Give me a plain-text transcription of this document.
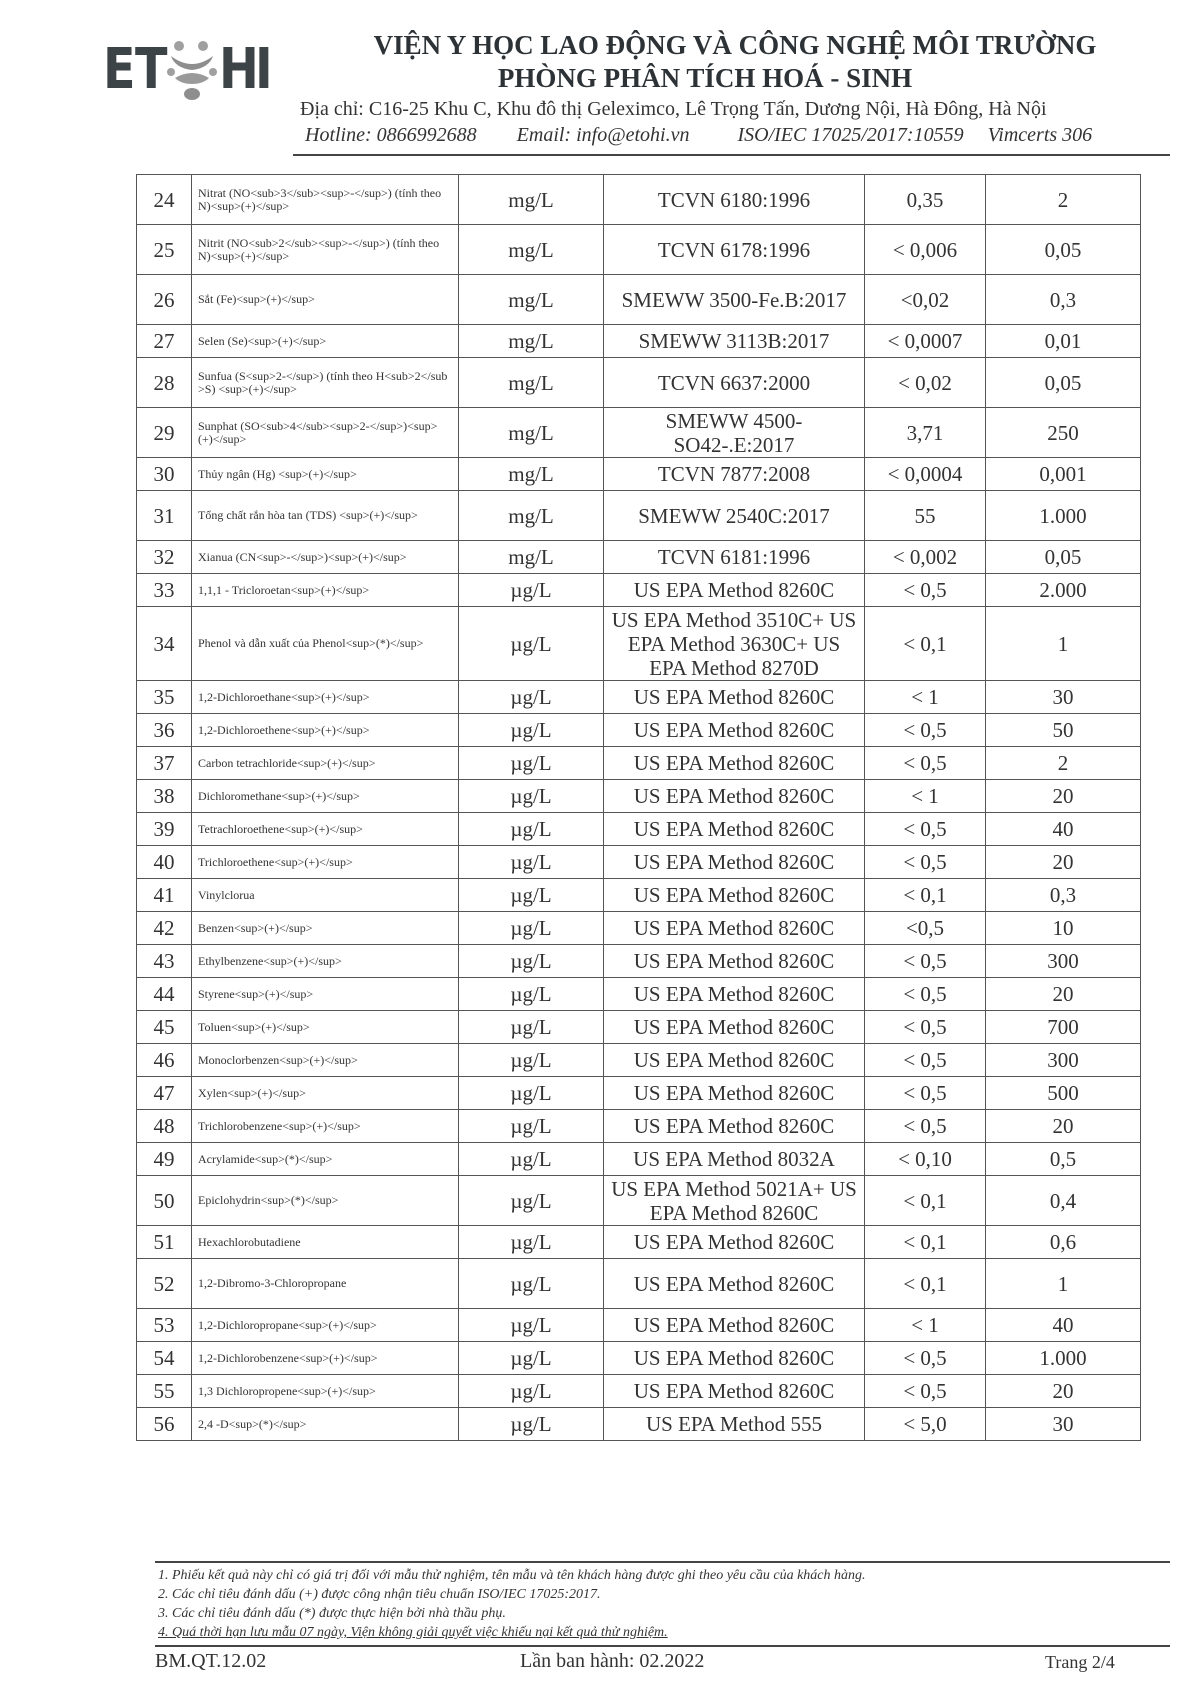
E T H
I	VIỆN Y HỌC LAO ĐỘNG VÀ CÔNG NGHỆ MÔI TRƯỜNG
PHÒNG PHÂN TÍCH HOÁ - SINH
Địa chỉ: C16-25 Khu C, Khu đô thị Geleximco, Lê Trọng Tấn, Dương Nội, Hà Đông, Hà Nội
Hotline: 0866992688 Email: info@etohi.vn ISO/IEC 17025/2017:10559 Vimcerts 306
24	Nitrat (NO<sub>3</sub><sup>-</sup>) (tính theo N)<sup>(+)</sup>	mg/L	TCVN 6180:1996	0,35	2
25	Nitrit (NO<sub>2</sub><sup>-</sup>) (tính theo N)<sup>(+)</sup>	mg/L	TCVN 6178:1996	< 0,006	0,05
26	Sắt (Fe)<sup>(+)</sup>	mg/L	SMEWW 3500-Fe.B:2017	<0,02	0,3
27	Selen (Se)<sup>(+)</sup>	mg/L	SMEWW 3113B:2017	< 0,0007	0,01
28	Sunfua (S<sup>2-</sup>) (tính theo H<sub>2</sub>S) <sup>(+)</sup>	mg/L	TCVN 6637:2000	< 0,02	0,05
29	Sunphat (SO<sub>4</sub><sup>2-</sup>)<sup>(+)</sup>	mg/L	SMEWW 4500-SO42-.E:2017	3,71	250
30	Thủy ngân (Hg) <sup>(+)</sup>	mg/L	TCVN 7877:2008	< 0,0004	0,001
31	Tổng chất rắn hòa tan (TDS) <sup>(+)</sup>	mg/L	SMEWW 2540C:2017	55	1.000
32	Xianua (CN<sup>-</sup>)<sup>(+)</sup>	mg/L	TCVN 6181:1996	< 0,002	0,05
33	1,1,1 - Tricloroetan<sup>(+)</sup>	µg/L	US EPA Method 8260C	< 0,5	2.000
34	Phenol và dẫn xuất của Phenol<sup>(*)</sup>	µg/L	US EPA Method 3510C+ US EPA Method 3630C+ US EPA Method 8270D	< 0,1	1
35	1,2-Dichloroethane<sup>(+)</sup>	µg/L	US EPA Method 8260C	< 1	30
36	1,2-Dichloroethene<sup>(+)</sup>	µg/L	US EPA Method 8260C	< 0,5	50
37	Carbon tetrachloride<sup>(+)</sup>	µg/L	US EPA Method 8260C	< 0,5	2
38	Dichloromethane<sup>(+)</sup>	µg/L	US EPA Method 8260C	< 1	20
39	Tetrachloroethene<sup>(+)</sup>	µg/L	US EPA Method 8260C	< 0,5	40
40	Trichloroethene<sup>(+)</sup>	µg/L	US EPA Method 8260C	< 0,5	20
41	Vinylclorua	µg/L	US EPA Method 8260C	< 0,1	0,3
42	Benzen<sup>(+)</sup>	µg/L	US EPA Method 8260C	<0,5	10
43	Ethylbenzene<sup>(+)</sup>	µg/L	US EPA Method 8260C	< 0,5	300
44	Styrene<sup>(+)</sup>	µg/L	US EPA Method 8260C	< 0,5	20
45	Toluen<sup>(+)</sup>	µg/L	US EPA Method 8260C	< 0,5	700
46	Monoclorbenzen<sup>(+)</sup>	µg/L	US EPA Method 8260C	< 0,5	300
47	Xylen<sup>(+)</sup>	µg/L	US EPA Method 8260C	< 0,5	500
48	Trichlorobenzene<sup>(+)</sup>	µg/L	US EPA Method 8260C	< 0,5	20
49	Acrylamide<sup>(*)</sup>	µg/L	US EPA Method 8032A	< 0,10	0,5
50	Epiclohydrin<sup>(*)</sup>	µg/L	US EPA Method 5021A+ US EPA Method 8260C	< 0,1	0,4
51	Hexachlorobutadiene	µg/L	US EPA Method 8260C	< 0,1	0,6
52	1,2-Dibromo-3-Chloropropane	µg/L	US EPA Method 8260C	< 0,1	1
53	1,2-Dichloropropane<sup>(+)</sup>	µg/L	US EPA Method 8260C	< 1	40
54	1,2-Dichlorobenzene<sup>(+)</sup>	µg/L	US EPA Method 8260C	< 0,5	1.000
55	1,3 Dichloropropene<sup>(+)</sup>	µg/L	US EPA Method 8260C	< 0,5	20
56	2,4 -D<sup>(*)</sup>	µg/L	US EPA Method 555	< 5,0	30
1. Phiếu kết quả này chỉ có giá trị đối với mẫu thử nghiệm, tên mẫu và tên khách hàng được ghi theo yêu cầu của khách hàng.
2. Các chỉ tiêu đánh dấu (+) được công nhận tiêu chuẩn ISO/IEC 17025:2017.
3. Các chỉ tiêu đánh dấu (*) được thực hiện bởi nhà thầu phụ.
4. Quá thời hạn lưu mẫu 07 ngày, Viện không giải quyết việc khiếu nại kết quả thử nghiệm.
BM.QT.12.02	Lần ban hành: 02.2022	Trang 2/4
